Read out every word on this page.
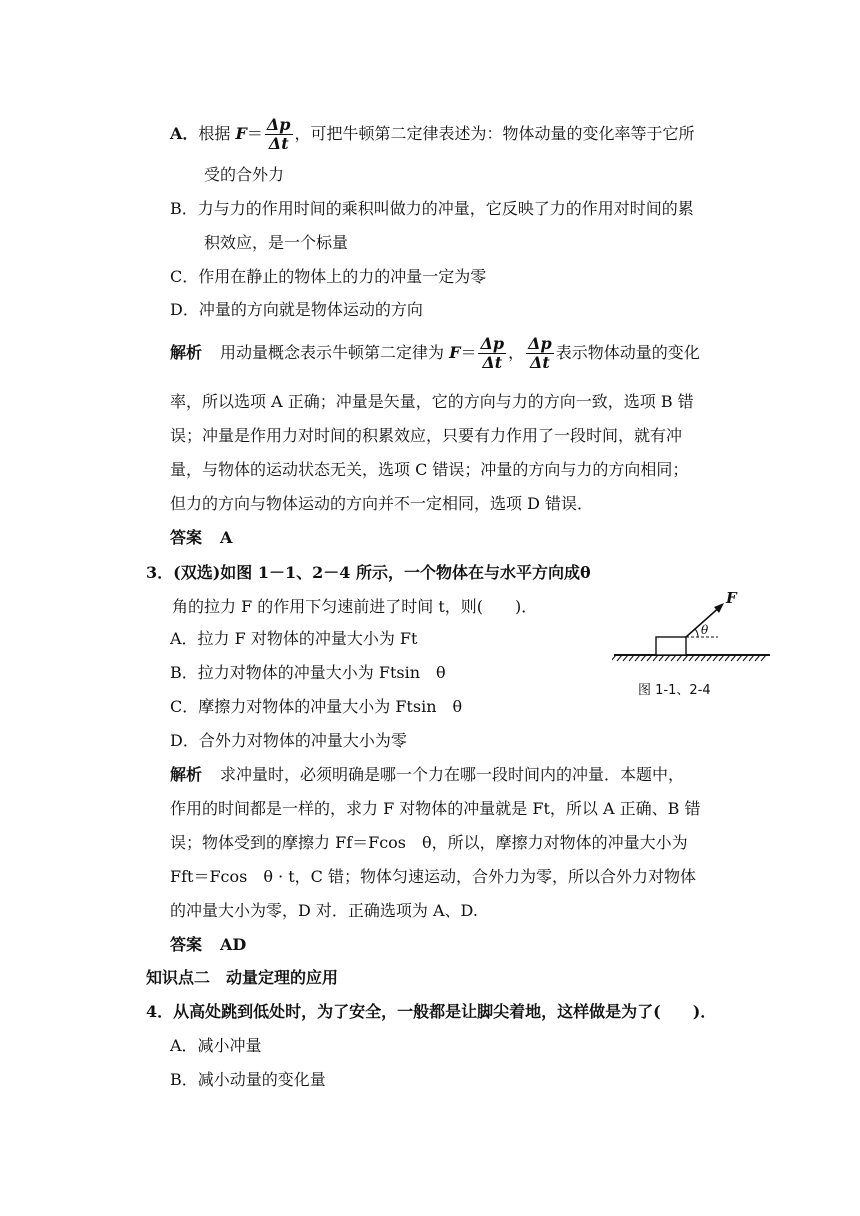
A．根据 $F= \frac{\Delta p}{\Delta t}$ ，可把牛顿第二定律表述为：物体动量的变化率等于它所
受的合外力
B．力与力的作用时间的乘积叫做力的冲量，它反映了力的作用对时间的累
积效应，是一个标量
C．作用在静止的物体上的力的冲量一定为零
D．冲量的方向就是物体运动的方向
解析 用动量概念表示牛顿第二定律为 $F= \frac{\Delta p}{\Delta t}$ ， $\frac{\Delta p}{\Delta t}$ 表示物体动量的变化
率，所以选项 A 正确；冲量是矢量，它的方向与力的方向一致，选项 B 错
误；冲量是作用力对时间的积累效应，只要有力作用了一段时间，就有冲
量，与物体的运动状态无关，选项 C 错误；冲量的方向与力的方向相同；
但力的方向与物体运动的方向并不一定相同，选项 D 错误．
答案 A
3．(双选)如图 1－1、2－4 所示，一个物体在与水平方向成θ
角的拉力 F 的作用下匀速前进了时间 t，则(　　)．
A．拉力 F 对物体的冲量大小为 Ft
B．拉力对物体的冲量大小为 Ftsin　θ
C．摩擦力对物体的冲量大小为 Ftsin　θ
D．合外力对物体的冲量大小为零
F
θ
图 1-1、2-4
解析 求冲量时，必须明确是哪一个力在哪一段时间内的冲量．本题中，
作用的时间都是一样的，求力 F 对物体的冲量就是 Ft，所以 A 正确、B 错
误；物体受到的摩擦力 Ff＝Fcos　θ，所以，摩擦力对物体的冲量大小为
Fft＝Fcos　θ · t，C 错；物体匀速运动，合外力为零，所以合外力对物体
的冲量大小为零，D 对．正确选项为 A、D.
答案 AD
知识点二　动量定理的应用
4．从高处跳到低处时，为了安全，一般都是让脚尖着地，这样做是为了(　　)．
A．减小冲量
B．减小动量的变化量
